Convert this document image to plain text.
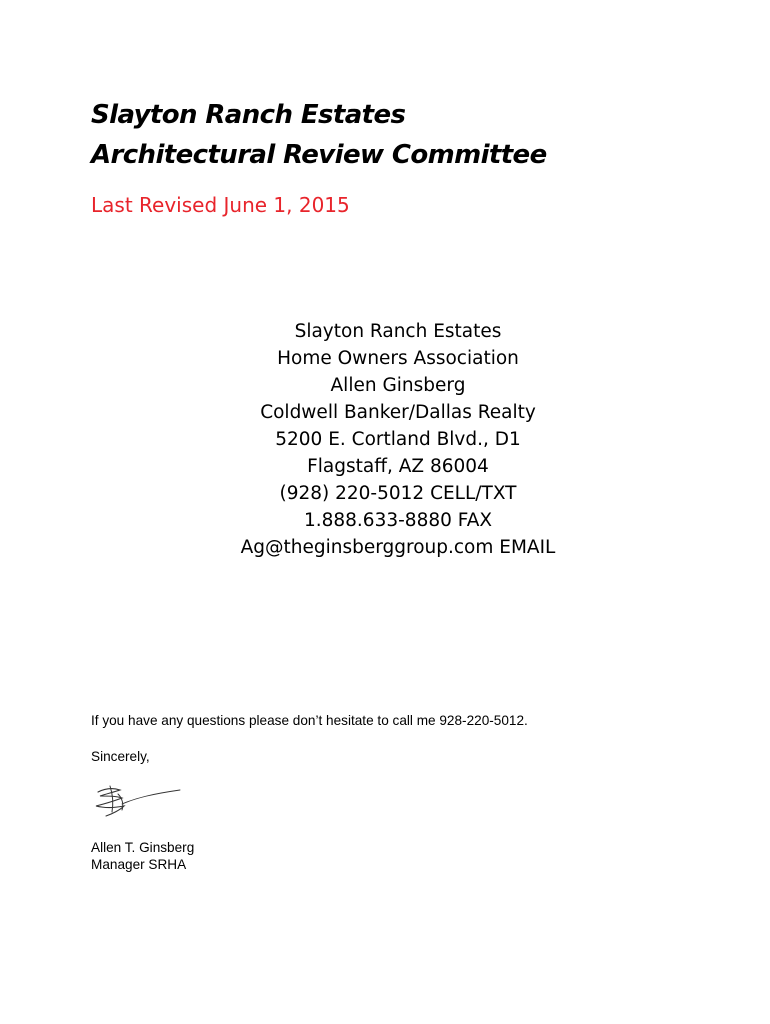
Slayton Ranch Estates
Architectural Review Committee
Last Revised June 1, 2015
Slayton Ranch Estates
Home Owners Association
Allen Ginsberg
Coldwell Banker/Dallas Realty
5200 E. Cortland Blvd., D1
Flagstaff, AZ 86004
(928) 220-5012 CELL/TXT
1.888.633-8880 FAX
Ag@theginsberggroup.com EMAIL

If you have any questions please don’t hesitate to call me 928-220-5012.

Sincerely,

Allen T. Ginsberg

Manager SRHA
